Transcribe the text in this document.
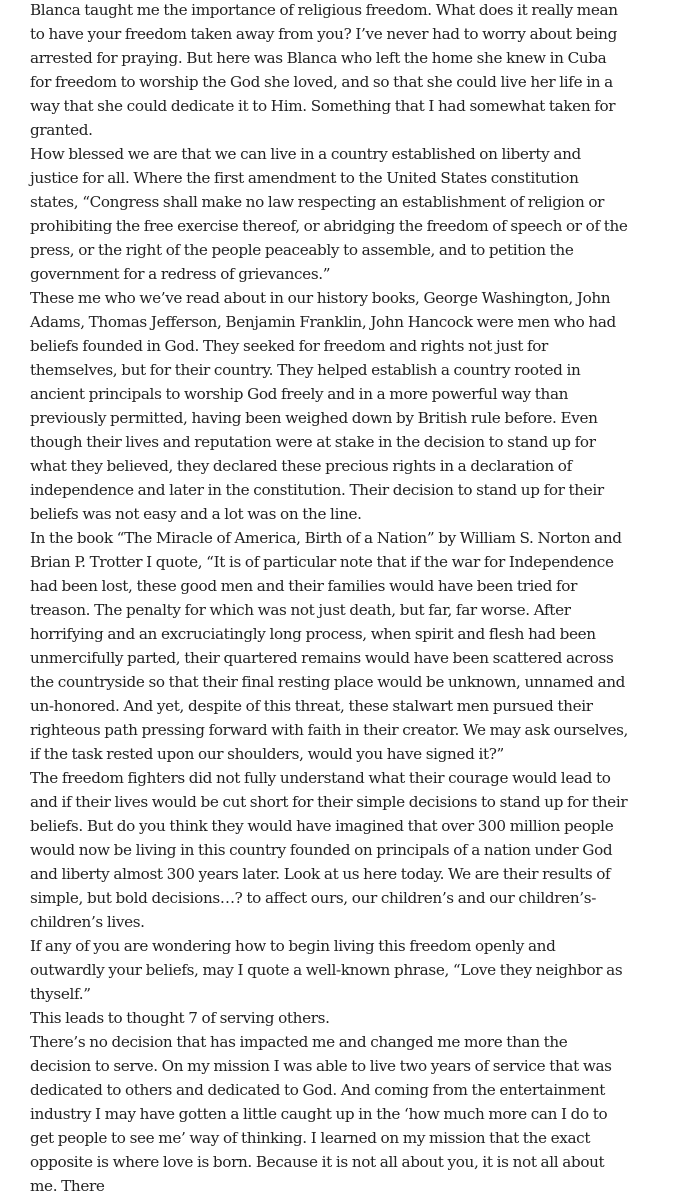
Blanca taught me the importance of religious freedom. What does it really mean to have your freedom taken away from you? I’ve never had to worry about being arrested for praying. But here was Blanca who left the home she knew in Cuba for freedom to worship the God she loved, and so that she could live her life in a way that she could dedicate it to Him. Something that I had somewhat taken for granted.

How blessed we are that we can live in a country established on liberty and justice for all. Where the first amendment to the United States constitution states, “Congress shall make no law respecting an establishment of religion or prohibiting the free exercise thereof, or abridging the freedom of speech or of the press, or the right of the people peaceably to assemble, and to petition the government for a redress of grievances.”

These me who we’ve read about in our history books, George Washington, John Adams, Thomas Jefferson, Benjamin Franklin, John Hancock were men who had beliefs founded in God. They seeked for freedom and rights not just for themselves, but for their country. They helped establish a country rooted in ancient principals to worship God freely and in a more powerful way than previously permitted, having been weighed down by British rule before. Even though their lives and reputation were at stake in the decision to stand up for what they believed, they declared these precious rights in a declaration of independence and later in the constitution. Their decision to stand up for their beliefs was not easy and a lot was on the line.

In the book “The Miracle of America, Birth of a Nation” by William S. Norton and Brian P. Trotter I quote, “It is of particular note that if the war for Independence had been lost, these good men and their families would have been tried for treason. The penalty for which was not just death, but far, far worse. After horrifying and an excruciatingly long process, when spirit and flesh had been unmercifully parted, their quartered remains would have been scattered across the countryside so that their final resting place would be unknown, unnamed and un-honored. And yet, despite of this threat, these stalwart men pursued their righteous path pressing forward with faith in their creator. We may ask ourselves, if the task rested upon our shoulders, would you have signed it?”

The freedom fighters did not fully understand what their courage would lead to and if their lives would be cut short for their simple decisions to stand up for their beliefs. But do you think they would have imagined that over 300 million people would now be living in this country founded on principals of a nation under God and liberty almost 300 years later. Look at us here today. We are their results of simple, but bold decisions…? to affect ours, our children’s and our children’s-children’s lives.

If any of you are wondering how to begin living this freedom openly and outwardly your beliefs, may I quote a well-known phrase, “Love they neighbor as thyself.”

This leads to thought 7 of serving others.

There’s no decision that has impacted me and changed me more than the decision to serve. On my mission I was able to live two years of service that was dedicated to others and dedicated to God. And coming from the entertainment industry I may have gotten a little caught up in the ‘how much more can I do to get people to see me’ way of thinking. I learned on my mission that the exact opposite is where love is born. Because it is not all about you, it is not all about me. There
